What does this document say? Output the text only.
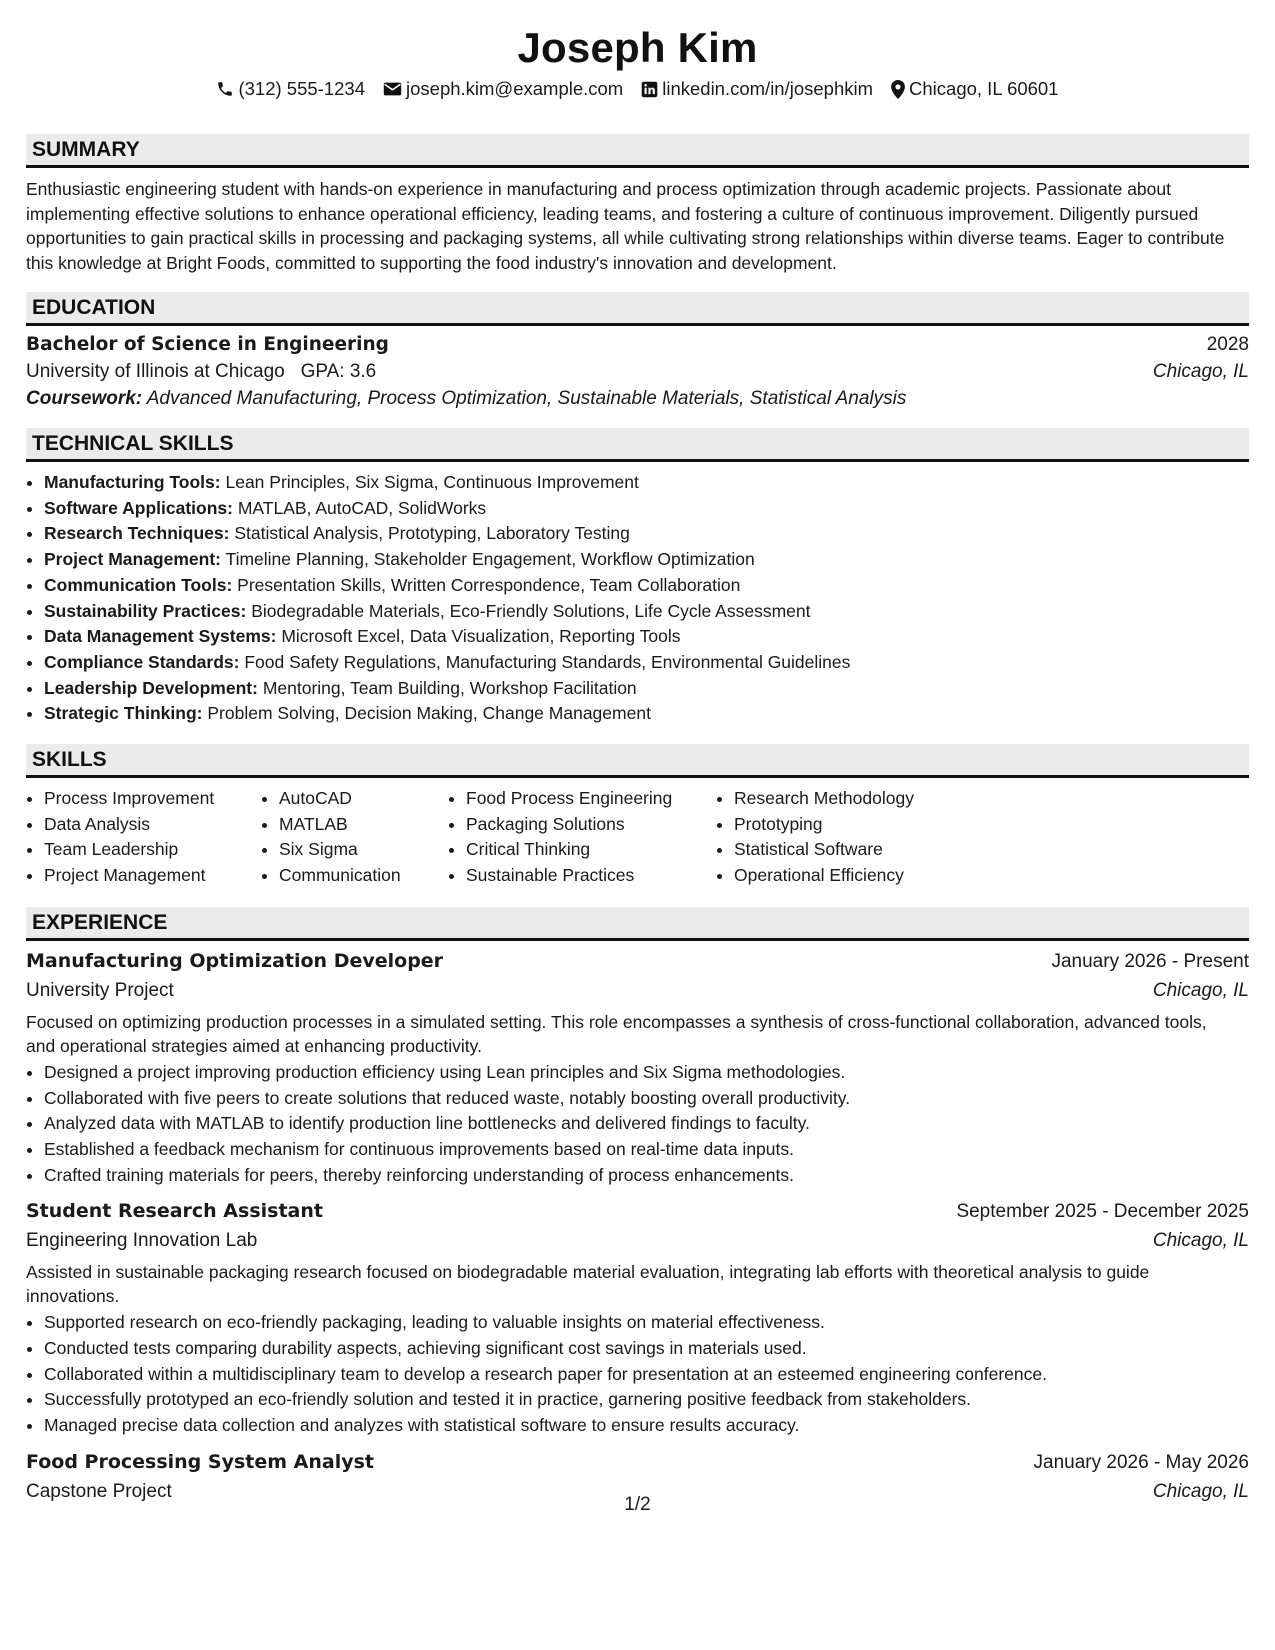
Joseph Kim
(312) 555-1234 joseph.kim@example.com linkedin.com/in/josephkim Chicago, IL 60601
SUMMARY
Enthusiastic engineering student with hands-on experience in manufacturing and process optimization through academic projects. Passionate about implementing effective solutions to enhance operational efficiency, leading teams, and fostering a culture of continuous improvement. Diligently pursued opportunities to gain practical skills in processing and packaging systems, all while cultivating strong relationships within diverse teams. Eager to contribute this knowledge at Bright Foods, committed to supporting the food industry's innovation and development.
EDUCATION
Bachelor of Science in Engineering	2028
University of Illinois at Chicago GPA: 3.6	Chicago, IL
Coursework: Advanced Manufacturing, Process Optimization, Sustainable Materials, Statistical Analysis
TECHNICAL SKILLS
• Manufacturing Tools: Lean Principles, Six Sigma, Continuous Improvement
• Software Applications: MATLAB, AutoCAD, SolidWorks
• Research Techniques: Statistical Analysis, Prototyping, Laboratory Testing
• Project Management: Timeline Planning, Stakeholder Engagement, Workflow Optimization
• Communication Tools: Presentation Skills, Written Correspondence, Team Collaboration
• Sustainability Practices: Biodegradable Materials, Eco-Friendly Solutions, Life Cycle Assessment
• Data Management Systems: Microsoft Excel, Data Visualization, Reporting Tools
• Compliance Standards: Food Safety Regulations, Manufacturing Standards, Environmental Guidelines
• Leadership Development: Mentoring, Team Building, Workshop Facilitation
• Strategic Thinking: Problem Solving, Decision Making, Change Management
SKILLS
• Process Improvement
• Data Analysis
• Team Leadership
• Project Management
• AutoCAD
• MATLAB
• Six Sigma
• Communication
• Food Process Engineering
• Packaging Solutions
• Critical Thinking
• Sustainable Practices
• Research Methodology
• Prototyping
• Statistical Software
• Operational Efficiency
EXPERIENCE
Manufacturing Optimization Developer	January 2026 - Present
University Project	Chicago, IL
Focused on optimizing production processes in a simulated setting. This role encompasses a synthesis of cross-functional collaboration, advanced tools, and operational strategies aimed at enhancing productivity.
• Designed a project improving production efficiency using Lean principles and Six Sigma methodologies.
• Collaborated with five peers to create solutions that reduced waste, notably boosting overall productivity.
• Analyzed data with MATLAB to identify production line bottlenecks and delivered findings to faculty.
• Established a feedback mechanism for continuous improvements based on real-time data inputs.
• Crafted training materials for peers, thereby reinforcing understanding of process enhancements.
Student Research Assistant	September 2025 - December 2025
Engineering Innovation Lab	Chicago, IL
Assisted in sustainable packaging research focused on biodegradable material evaluation, integrating lab efforts with theoretical analysis to guide innovations.
• Supported research on eco-friendly packaging, leading to valuable insights on material effectiveness.
• Conducted tests comparing durability aspects, achieving significant cost savings in materials used.
• Collaborated within a multidisciplinary team to develop a research paper for presentation at an esteemed engineering conference.
• Successfully prototyped an eco-friendly solution and tested it in practice, garnering positive feedback from stakeholders.
• Managed precise data collection and analyzes with statistical software to ensure results accuracy.
Food Processing System Analyst	January 2026 - May 2026
Capstone Project	Chicago, IL
1/2
